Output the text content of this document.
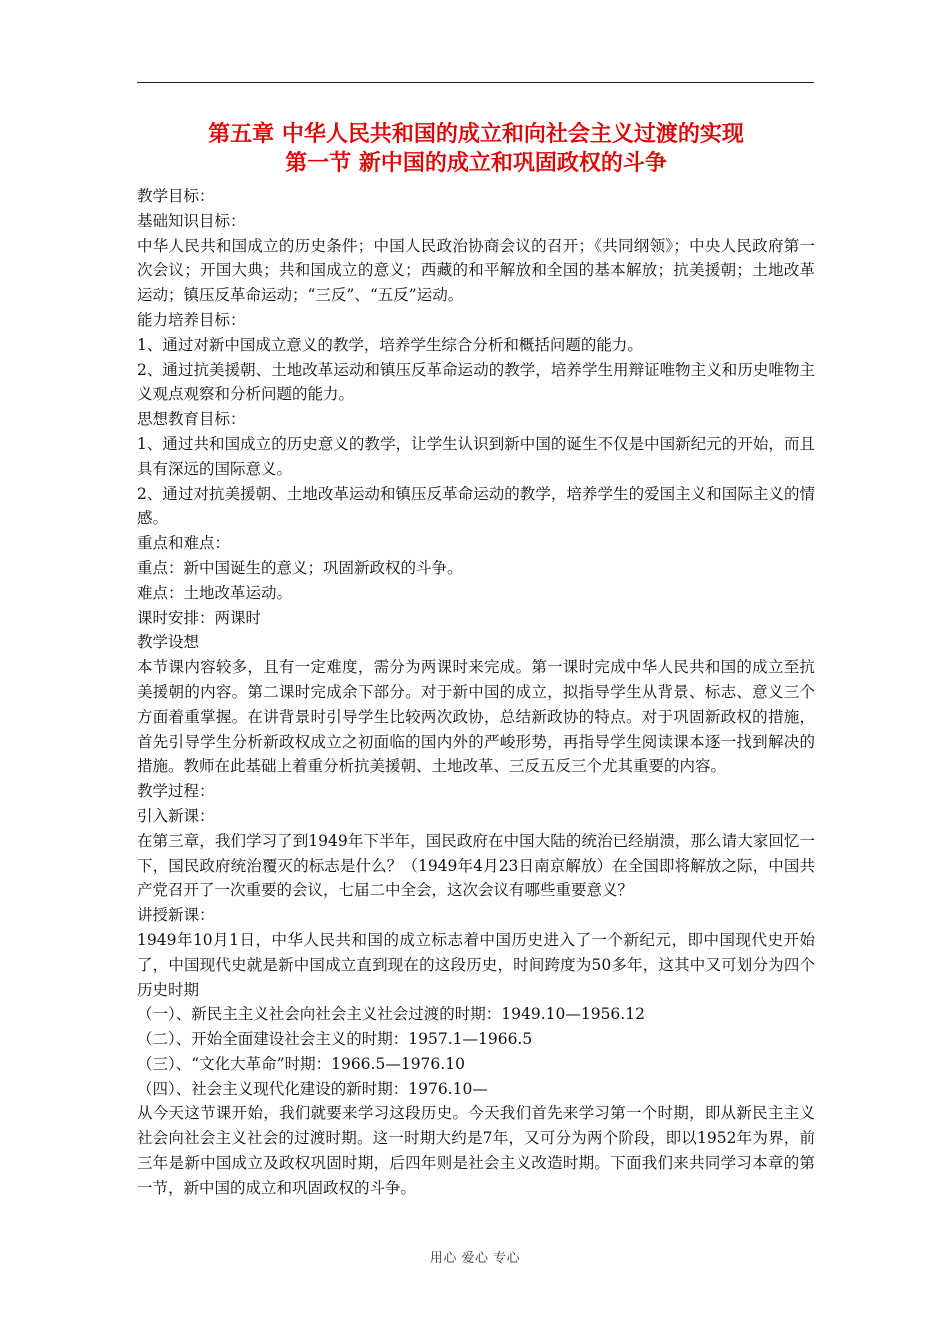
第五章 中华人民共和国的成立和向社会主义过渡的实现

第一节 新中国的成立和巩固政权的斗争

教学目标：

基础知识目标：

中华人民共和国成立的历史条件；中国人民政治协商会议的召开；《共同纲领》；中央人民政府第一次会议；开国大典；共和国成立的意义；西藏的和平解放和全国的基本解放；抗美援朝；土地改革运动；镇压反革命运动；“三反”、“五反”运动。

能力培养目标：

1、通过对新中国成立意义的教学，培养学生综合分析和概括问题的能力。

2、通过抗美援朝、土地改革运动和镇压反革命运动的教学，培养学生用辩证唯物主义和历史唯物主义观点观察和分析问题的能力。

思想教育目标：

1、通过共和国成立的历史意义的教学，让学生认识到新中国的诞生不仅是中国新纪元的开始，而且具有深远的国际意义。

2、通过对抗美援朝、土地改革运动和镇压反革命运动的教学，培养学生的爱国主义和国际主义的情感。

重点和难点：

重点：新中国诞生的意义；巩固新政权的斗争。

难点：土地改革运动。

课时安排：两课时

教学设想

本节课内容较多，且有一定难度，需分为两课时来完成。第一课时完成中华人民共和国的成立至抗美援朝的内容。第二课时完成余下部分。对于新中国的成立，拟指导学生从背景、标志、意义三个方面着重掌握。在讲背景时引导学生比较两次政协，总结新政协的特点。对于巩固新政权的措施，首先引导学生分析新政权成立之初面临的国内外的严峻形势，再指导学生阅读课本逐一找到解决的措施。教师在此基础上着重分析抗美援朝、土地改革、三反五反三个尤其重要的内容。

教学过程：

引入新课：

在第三章，我们学习了到1949年下半年，国民政府在中国大陆的统治已经崩溃，那么请大家回忆一下，国民政府统治覆灭的标志是什么？（1949年4月23日南京解放）在全国即将解放之际，中国共产党召开了一次重要的会议，七届二中全会，这次会议有哪些重要意义？

讲授新课：

1949年10月1日，中华人民共和国的成立标志着中国历史进入了一个新纪元，即中国现代史开始了，中国现代史就是新中国成立直到现在的这段历史，时间跨度为50多年，这其中又可划分为四个历史时期

（一）、新民主主义社会向社会主义社会过渡的时期：1949.10—1956.12

（二）、开始全面建设社会主义的时期：1957.1—1966.5

（三）、“文化大革命”时期：1966.5—1976.10

（四）、社会主义现代化建设的新时期：1976.10—

从今天这节课开始，我们就要来学习这段历史。今天我们首先来学习第一个时期，即从新民主主义社会向社会主义社会的过渡时期。这一时期大约是7年，又可分为两个阶段，即以1952年为界，前三年是新中国成立及政权巩固时期，后四年则是社会主义改造时期。下面我们来共同学习本章的第一节，新中国的成立和巩固政权的斗争。

用心 爱心 专心
